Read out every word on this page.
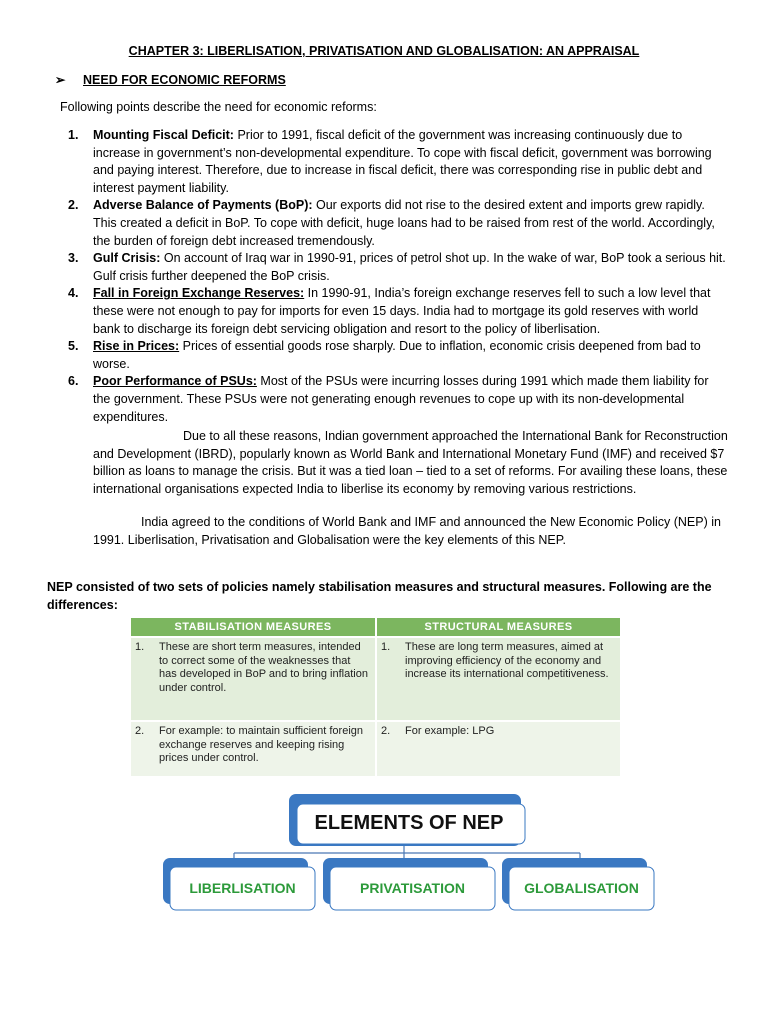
CHAPTER 3: LIBERLISATION, PRIVATISATION AND GLOBALISATION: AN APPRAISAL
➢ NEED FOR ECONOMIC REFORMS
Following points describe the need for economic reforms:
1. Mounting Fiscal Deficit: Prior to 1991, fiscal deficit of the government was increasing continuously due to increase in government’s non-developmental expenditure. To cope with fiscal deficit, government was borrowing and paying interest. Therefore, due to increase in fiscal deficit, there was corresponding rise in public debt and interest payment liability.
2. Adverse Balance of Payments (BoP): Our exports did not rise to the desired extent and imports grew rapidly. This created a deficit in BoP. To cope with deficit, huge loans had to be raised from rest of the world. Accordingly, the burden of foreign debt increased tremendously.
3. Gulf Crisis: On account of Iraq war in 1990-91, prices of petrol shot up. In the wake of war, BoP took a serious hit. Gulf crisis further deepened the BoP crisis.
4. Fall in Foreign Exchange Reserves: In 1990-91, India’s foreign exchange reserves fell to such a low level that these were not enough to pay for imports for even 15 days. India had to mortgage its gold reserves with world bank to discharge its foreign debt servicing obligation and resort to the policy of liberlisation.
5. Rise in Prices: Prices of essential goods rose sharply. Due to inflation, economic crisis deepened from bad to worse.
6. Poor Performance of PSUs: Most of the PSUs were incurring losses during 1991 which made them liability for the government. These PSUs were not generating enough revenues to cope up with its non-developmental expenditures.
Due to all these reasons, Indian government approached the International Bank for Reconstruction and Development (IBRD), popularly known as World Bank and International Monetary Fund (IMF) and received $7 billion as loans to manage the crisis. But it was a tied loan – tied to a set of reforms. For availing these loans, these international organisations expected India to liberlise its economy by removing various restrictions.
India agreed to the conditions of World Bank and IMF and announced the New Economic Policy (NEP) in 1991. Liberlisation, Privatisation and Globalisation were the key elements of this NEP.
NEP consisted of two sets of policies namely stabilisation measures and structural measures. Following are the differences:
STABILISATION MEASURES	STRUCTURAL MEASURES

1. These are short term measures, intended to correct some of the weaknesses that has developed in BoP and to bring inflation under control.	1. These are long term measures, aimed at improving efficiency of the economy and increase its international competitiveness.

2. For example: to maintain sufficient foreign exchange reserves and keeping rising prices under control.	2. For example: LPG
ELEMENTS OF NEP
LIBERLISATION	PRIVATISATION	GLOBALISATION
